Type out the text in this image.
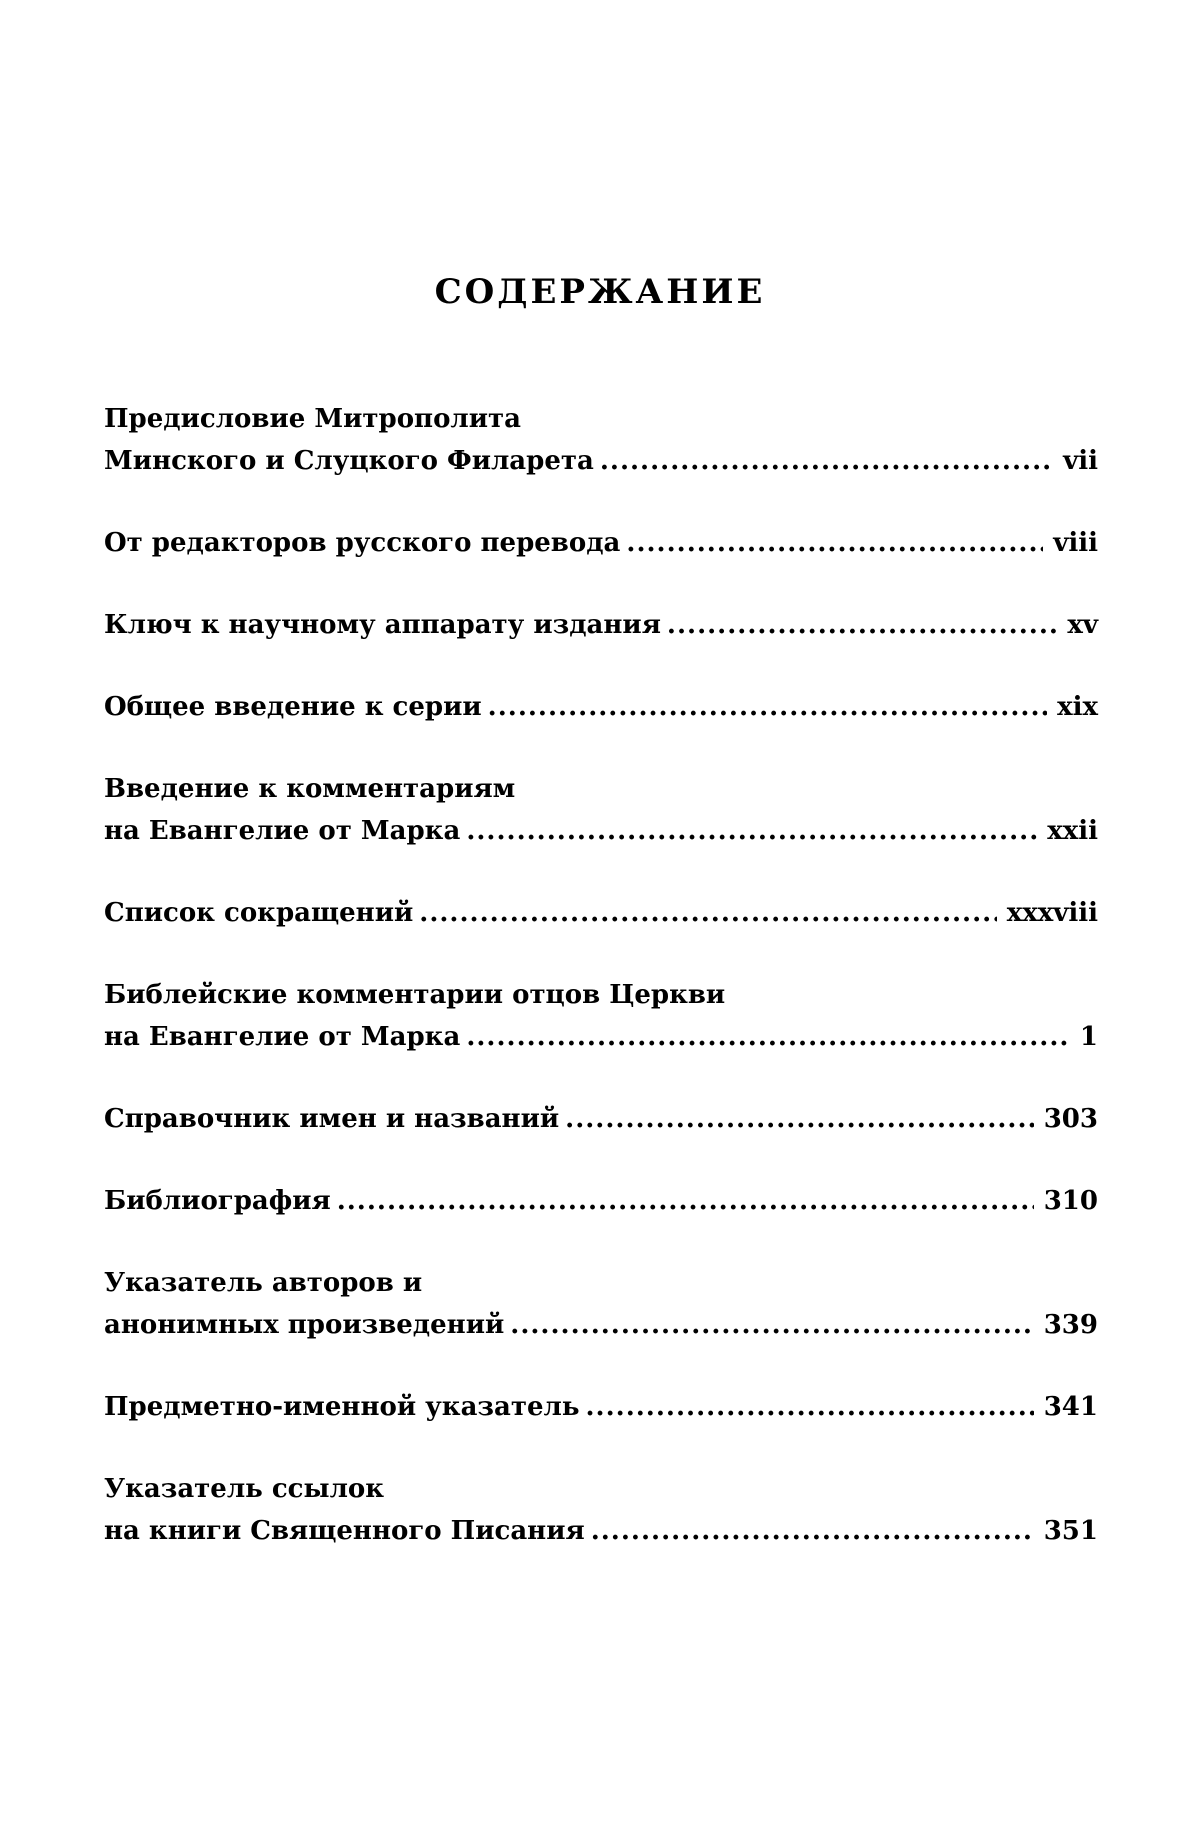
СОДЕРЖАНИЕ
Предисловие Митрополита
Минского и Слуцкого Филарета .....	vii
От редакторов русского перевода .....	viii
Ключ к научному аппарату издания .....	xv
Общее введение к серии .....	xix
Введение к комментариям
на Евангелие от Марка .....	xxii
Список сокращений .....	xxxviii
Библейские комментарии отцов Церкви
на Евангелие от Марка .....	1
Справочник имен и названий .....	303
Библиография .....	310
Указатель авторов и
анонимных произведений .....	339
Предметно-именной указатель .....	341
Указатель ссылок
на книги Священного Писания .....	351
